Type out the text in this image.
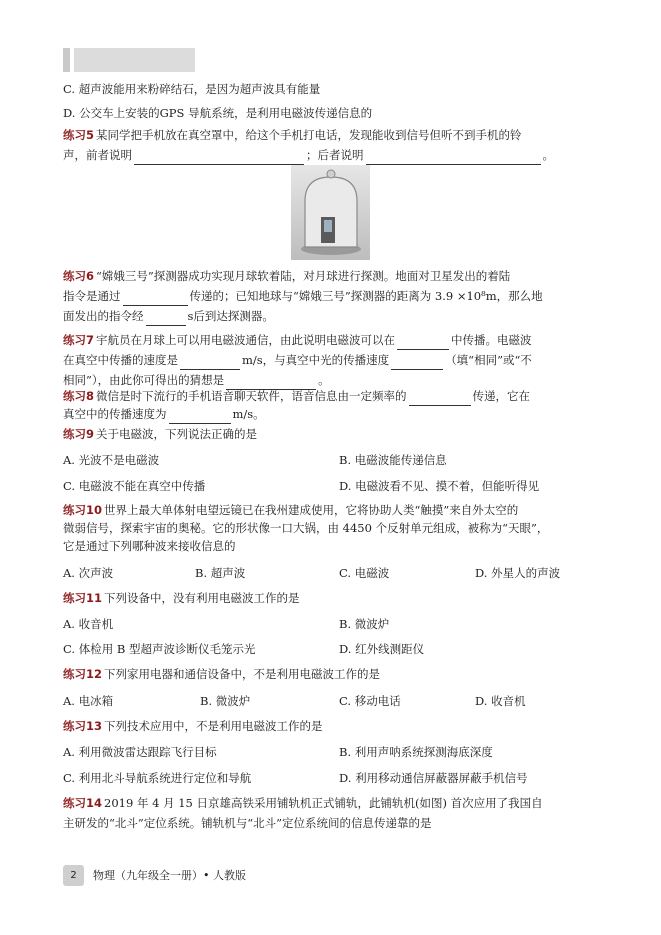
C. 超声波能用来粉碎结石，是因为超声波具有能量
D. 公交车上安装的GPS 导航系统，是利用电磁波传递信息的
练习5 某同学把手机放在真空罩中，给这个手机打电话，发现能收到信号但听不到手机的铃
声，前者说明	；后者说明	。
练习6 “嫦娥三号”探测器成功实现月球软着陆，对月球进行探测。地面对卫星发出的着陆
指令是通过	传递的；已知地球与“嫦娥三号”探测器的距离为 3.9 ×10⁸m，那么地
面发出的指令经	s后到达探测器。
练习7 宇航员在月球上可以用电磁波通信，由此说明电磁波可以在	中传播。电磁波
在真空中传播的速度是	m/s，与真空中光的传播速度	（填“相同”或“不
相同”），由此你可得出的猜想是	。
练习8 微信是时下流行的手机语音聊天软件，语音信息由一定频率的	传递，它在
真空中的传播速度为	m/s。
练习9 关于电磁波，下列说法正确的是
A. 光波不是电磁波	B. 电磁波能传递信息
C. 电磁波不能在真空中传播	D. 电磁波看不见、摸不着，但能听得见
练习10 世界上最大单体射电望远镜已在我州建成使用，它将协助人类“触摸”来自外太空的
微弱信号，探索宇宙的奥秘。它的形状像一口大锅，由 4450 个反射单元组成，被称为“天眼”，
它是通过下列哪种波来接收信息的
A. 次声波	B. 超声波	C. 电磁波	D. 外星人的声波
练习11 下列设备中，没有利用电磁波工作的是
A. 收音机	B. 微波炉
C. 体检用 B 型超声波诊断仪毛笼示光	D. 红外线测距仪
练习12 下列家用电器和通信设备中，不是利用电磁波工作的是
A. 电冰箱	B. 微波炉	C. 移动电话	D. 收音机
练习13 下列技术应用中，不是利用电磁波工作的是
A. 利用微波雷达跟踪飞行目标	B. 利用声呐系统探测海底深度
C. 利用北斗导航系统进行定位和导航	D. 利用移动通信屏蔽器屏蔽手机信号
练习14 2019 年 4 月 15 日京雄高铁采用铺轨机正式铺轨，此铺轨机(如图) 首次应用了我国自
主研发的“北斗”定位系统。铺轨机与“北斗”定位系统间的信息传递靠的是
2	物理（九年级全一册）• 人教版
